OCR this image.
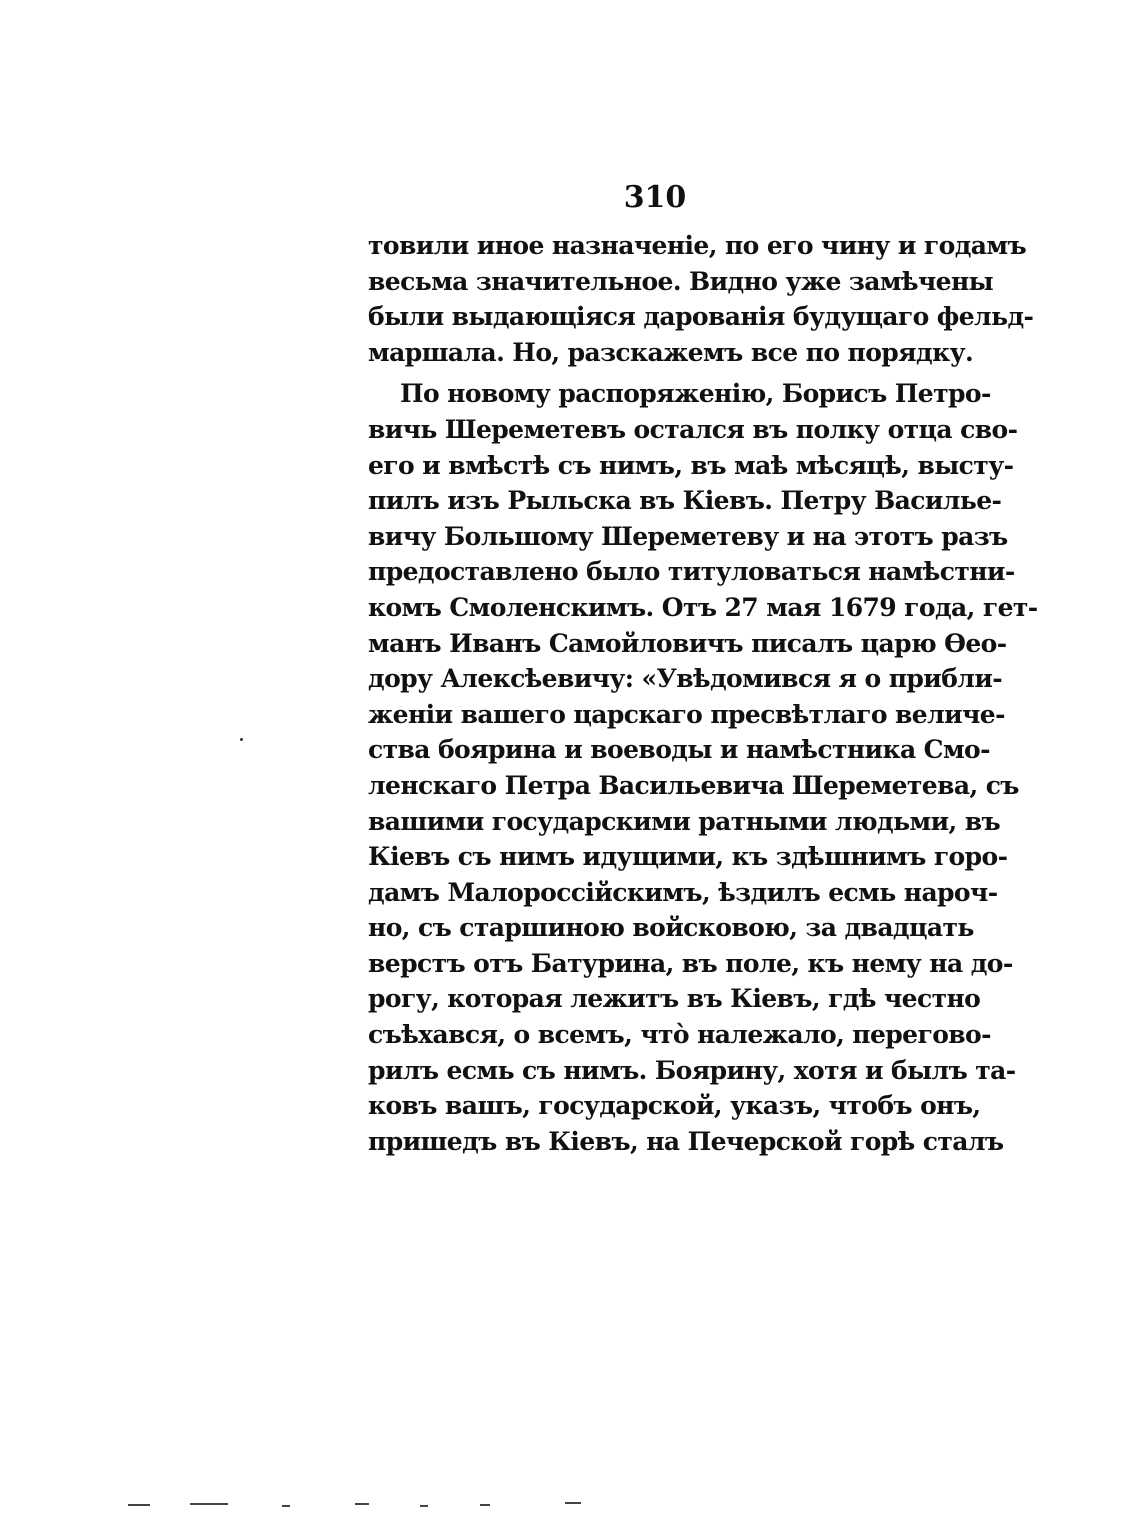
310
товили иное назначеніе, по его чину и годамъ
весьма значительное. Видно уже замѣчены
были выдающіяся дарованія будущаго фельд-
маршала. Но, разскажемъ все по порядку.
По новому распоряженію, Борисъ Петро-
вичь Шереметевъ остался въ полку отца сво-
его и вмѣстѣ съ нимъ, въ маѣ мѣсяцѣ, высту-
пилъ изъ Рыльска въ Кіевъ. Петру Василье-
вичу Большому Шереметеву и на этотъ разъ
предоставлено было титуловаться намѣстни-
комъ Смоленскимъ. Отъ 27 мая 1679 года, гет-
манъ Иванъ Самойловичъ писалъ царю Ѳео-
дору Алексѣевичу: «Увѣдомився я о прибли-
женіи вашего царскаго пресвѣтлаго величе-
ства боярина и воеводы и намѣстника Смо-
ленскаго Петра Васильевича Шереметева, съ
вашими государскими ратными людьми, въ
Кіевъ съ нимъ идущими, къ здѣшнимъ горо-
дамъ Малороссійскимъ, ѣздилъ есмь нароч-
но, съ старшиною войсковою, за двадцать
верстъ отъ Батурина, въ поле, къ нему на до-
рогу, которая лежитъ въ Кіевъ, гдѣ честно
съѣхався, о всемъ, что̀ належало, перегово-
рилъ есмь съ нимъ. Боярину, хотя и былъ та-
ковъ вашъ, государской, указъ, чтобъ онъ,
пришедъ въ Кіевъ, на Печерской горѣ сталъ
